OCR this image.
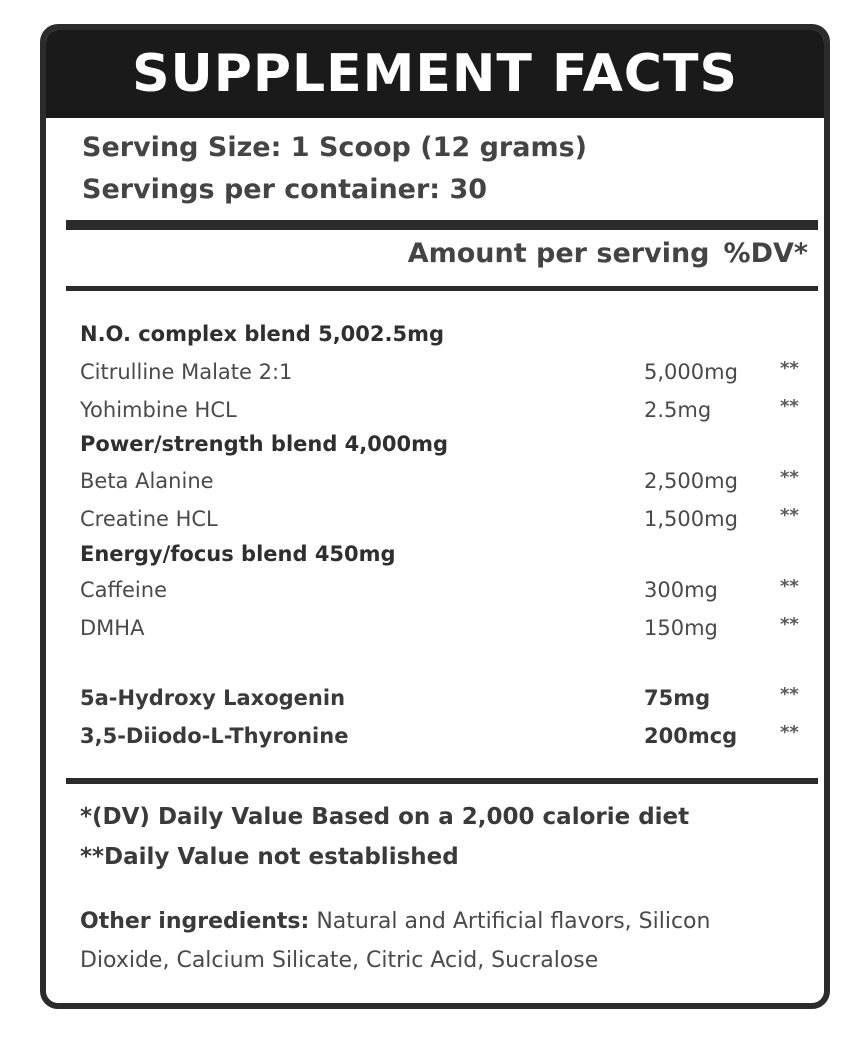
SUPPLEMENT FACTS
Serving Size: 1 Scoop (12 grams)
Servings per container: 30
Amount per serving %DV*
N.O. complex blend 5,002.5mg
Citrulline Malate 2:1	5,000mg **
Yohimbine HCL	2.5mg	**
Power/strength blend 4,000mg
Beta Alanine	2,500mg **
Creatine HCL	1,500mg **
Energy/focus blend 450mg
Caffeine	300mg	**
DMHA	150mg	**
5a-Hydroxy Laxogenin	75mg	**
3,5-Diiodo-L-Thyronine	200mcg **
*(DV) Daily Value Based on a 2,000 calorie diet
**Daily Value not established
Other ingredients: Natural and Artificial flavors, Silicon Dioxide, Calcium Silicate, Citric Acid, Sucralose
